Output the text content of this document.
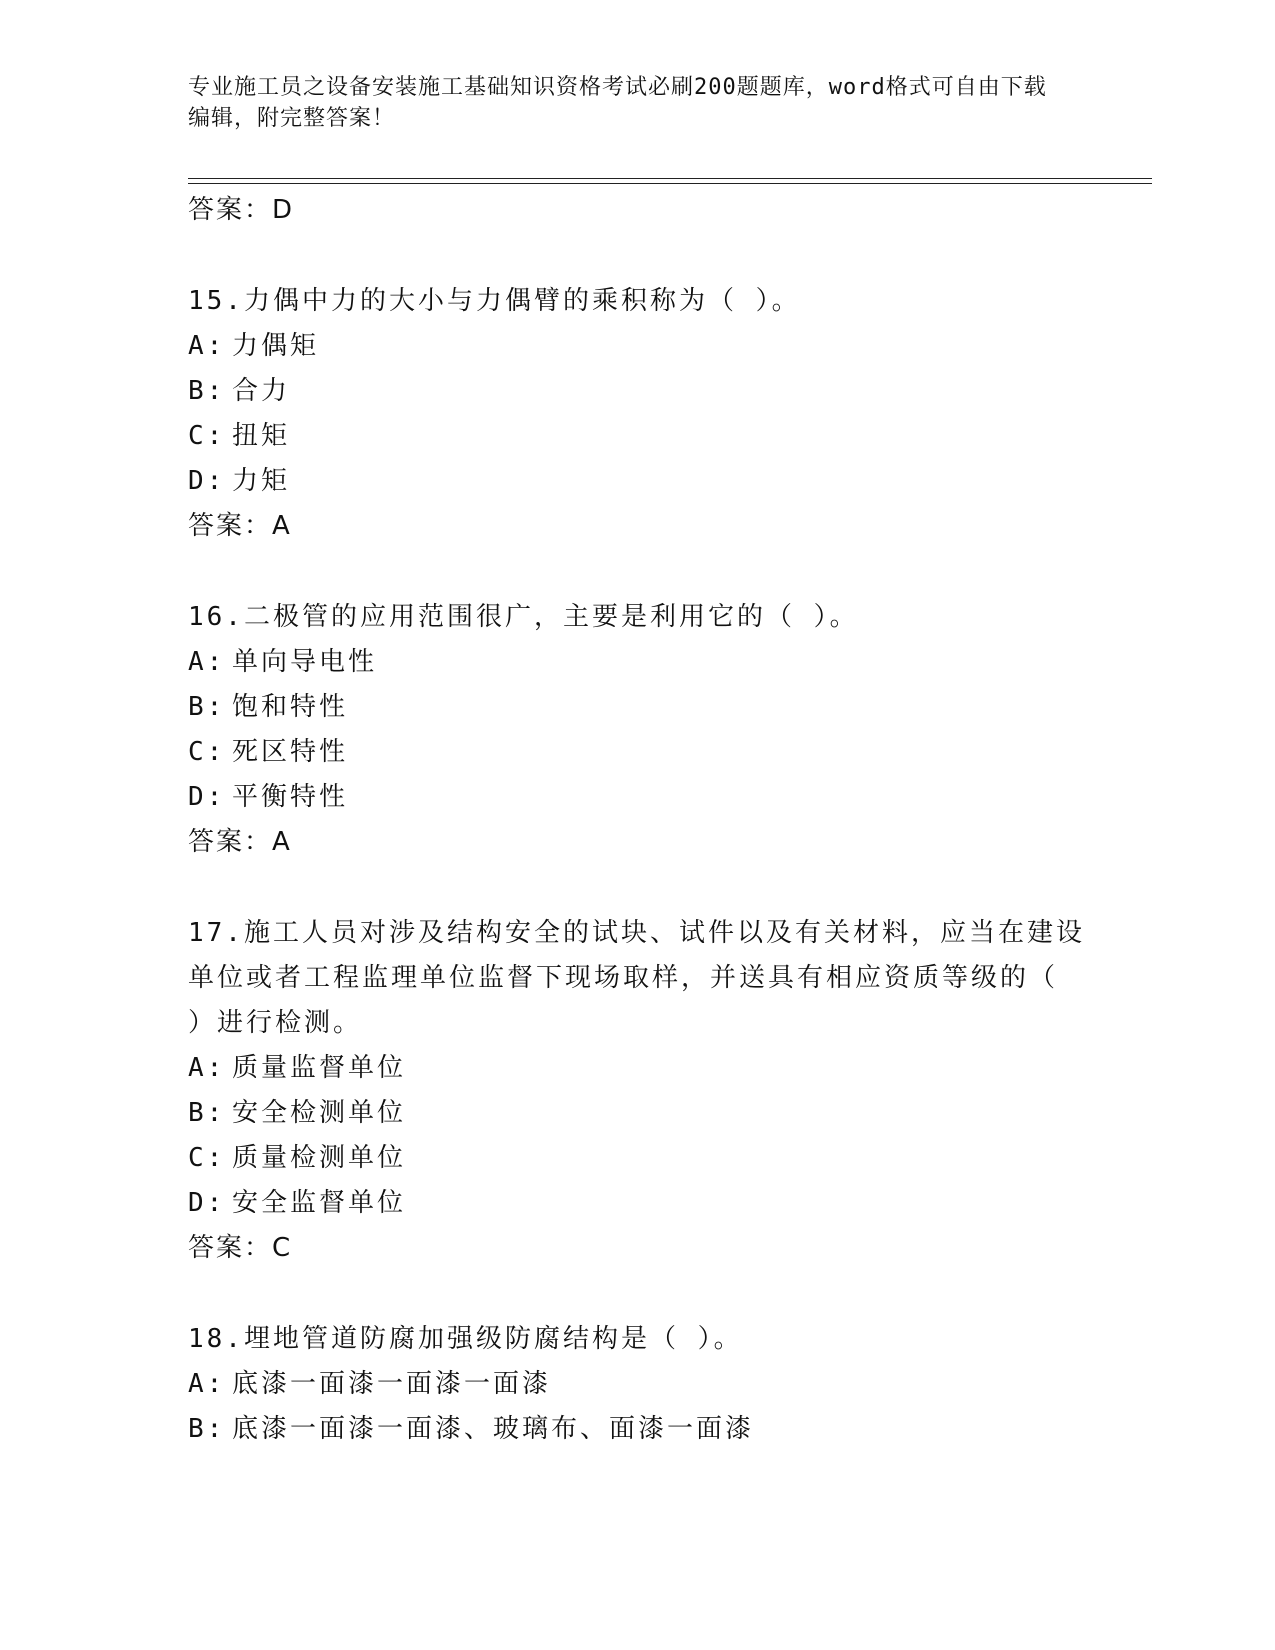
专业施工员之设备安装施工基础知识资格考试必刷200题题库，word格式可自由下载编辑，附完整答案！
答案：D
15.力偶中力的大小与力偶臂的乘积称为（ ）。
A: 力偶矩
B: 合力
C: 扭矩
D: 力矩
答案：A
16.二极管的应用范围很广，主要是利用它的（ ）。
A: 单向导电性
B: 饱和特性
C: 死区特性
D: 平衡特性
答案：A
17.施工人员对涉及结构安全的试块、试件以及有关材料，应当在建设
单位或者工程监理单位监督下现场取样，并送具有相应资质等级的（
）进行检测。
A: 质量监督单位
B: 安全检测单位
C: 质量检测单位
D: 安全监督单位
答案：C
18.埋地管道防腐加强级防腐结构是（ ）。
A: 底漆一面漆一面漆一面漆
B: 底漆一面漆一面漆、玻璃布、面漆一面漆
